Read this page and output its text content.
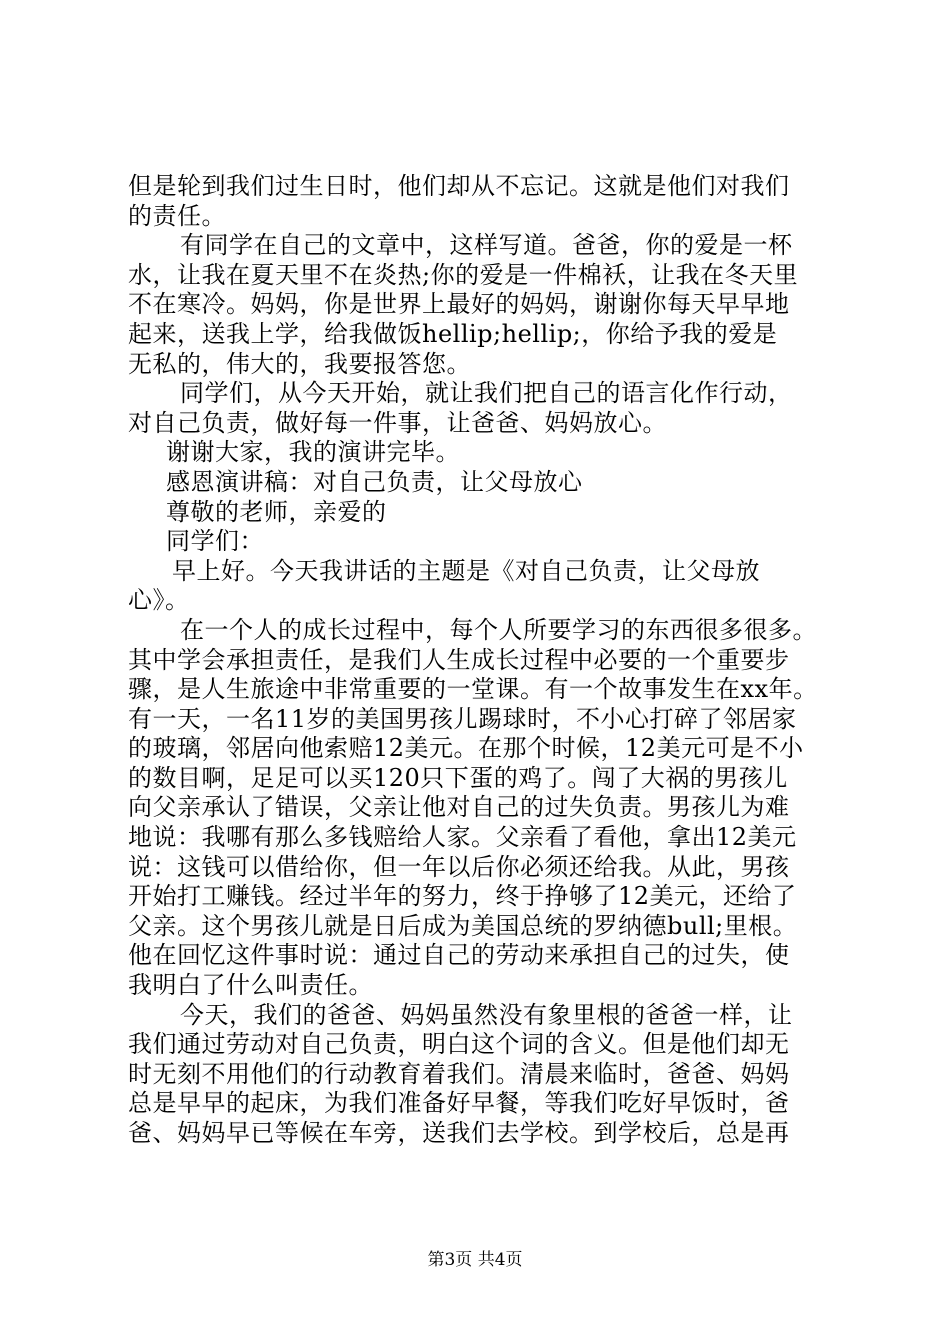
但是轮到我们过生日时，他们却从不忘记。这就是他们对我们
的责任。
有同学在自己的文章中，这样写道。爸爸，你的爱是一杯
水，让我在夏天里不在炎热;你的爱是一件棉袄，让我在冬天里
不在寒冷。妈妈，你是世界上最好的妈妈，谢谢你每天早早地
起来，送我上学，给我做饭hellip;hellip;，你给予我的爱是
无私的，伟大的，我要报答您。
同学们，从今天开始，就让我们把自己的语言化作行动，
对自己负责，做好每一件事，让爸爸、妈妈放心。
谢谢大家，我的演讲完毕。
感恩演讲稿：对自己负责，让父母放心
尊敬的老师，亲爱的
同学们：
早上好。今天我讲话的主题是《对自己负责，让父母放
心》。
在一个人的成长过程中，每个人所要学习的东西很多很多。
其中学会承担责任，是我们人生成长过程中必要的一个重要步
骤，是人生旅途中非常重要的一堂课。有一个故事发生在xx年。
有一天，一名11岁的美国男孩儿踢球时，不小心打碎了邻居家
的玻璃，邻居向他索赔12美元。在那个时候，12美元可是不小
的数目啊，足足可以买120只下蛋的鸡了。闯了大祸的男孩儿
向父亲承认了错误，父亲让他对自己的过失负责。男孩儿为难
地说：我哪有那么多钱赔给人家。父亲看了看他，拿出12美元
说：这钱可以借给你，但一年以后你必须还给我。从此，男孩
开始打工赚钱。经过半年的努力，终于挣够了12美元，还给了
父亲。这个男孩儿就是日后成为美国总统的罗纳德bull;里根。
他在回忆这件事时说：通过自己的劳动来承担自己的过失，使
我明白了什么叫责任。
今天，我们的爸爸、妈妈虽然没有象里根的爸爸一样，让
我们通过劳动对自己负责，明白这个词的含义。但是他们却无
时无刻不用他们的行动教育着我们。清晨来临时，爸爸、妈妈
总是早早的起床，为我们准备好早餐，等我们吃好早饭时，爸
爸、妈妈早已等候在车旁，送我们去学校。到学校后，总是再
第3页 共4页
